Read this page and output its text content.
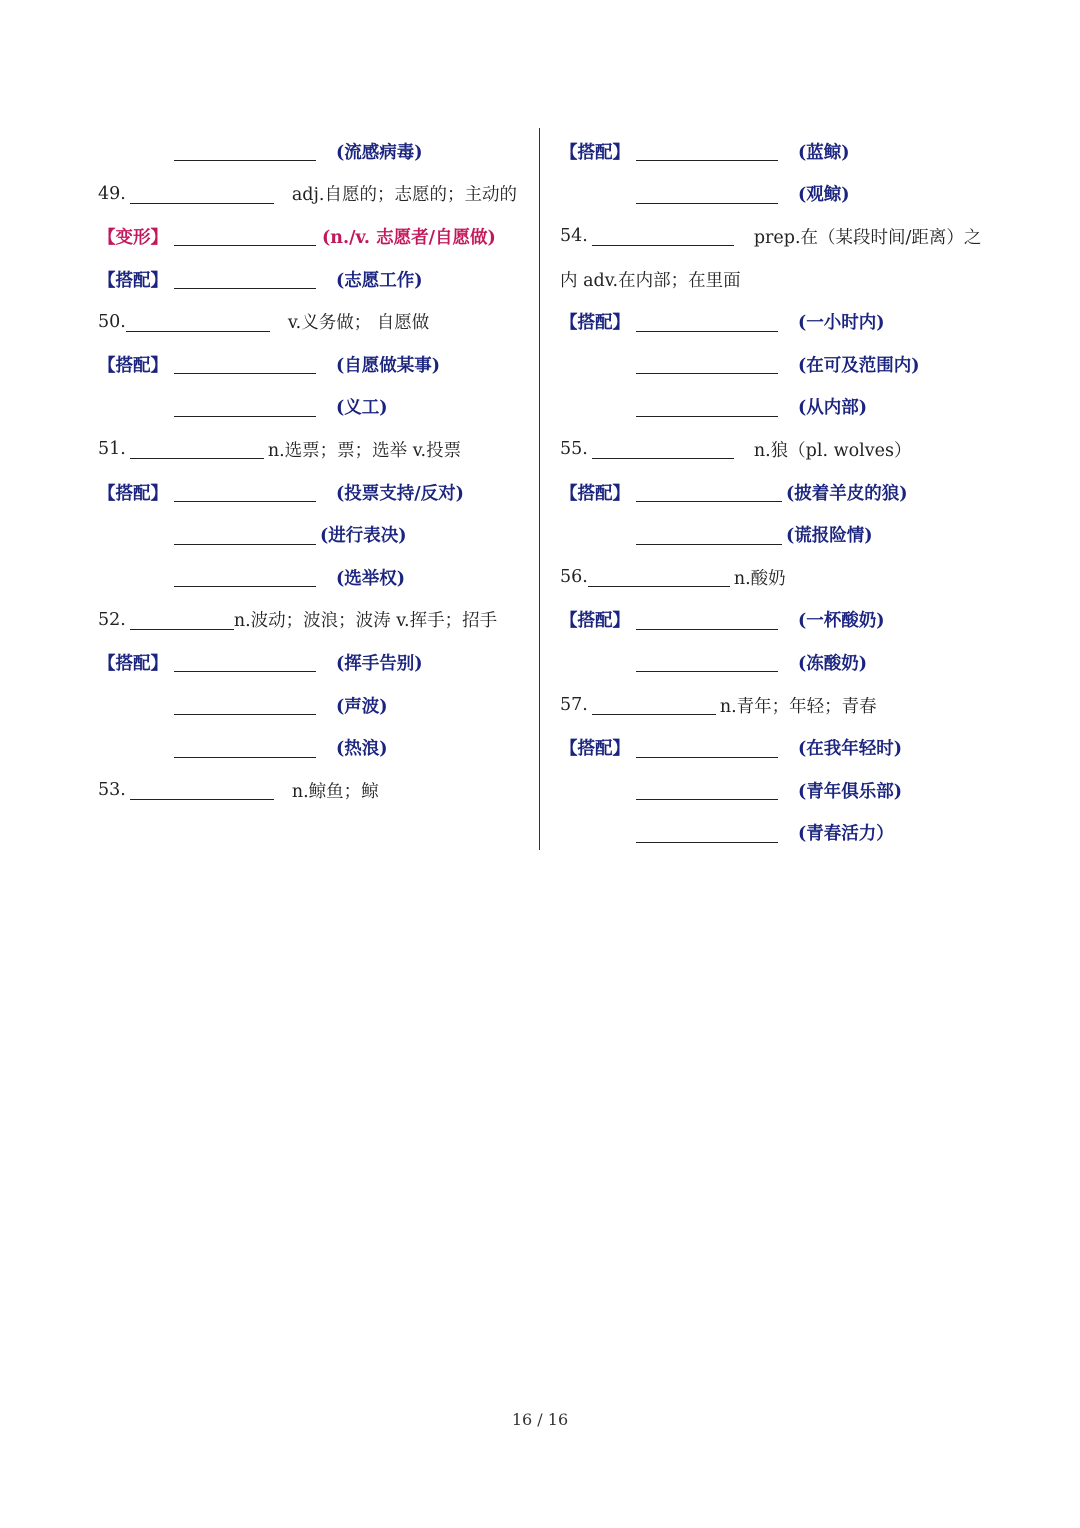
(流感病毒)
49.	adj.自愿的；志愿的；主动的
【变形】	(n./v. 志愿者/自愿做)
【搭配】	(志愿工作)
50.	v.义务做； 自愿做
【搭配】	(自愿做某事)
(义工)
51.	n.选票；票；选举 v.投票
【搭配】	(投票支持/反对)
(进行表决)
(选举权)
52.	n.波动；波浪；波涛 v.挥手；招手
【搭配】	(挥手告别)
(声波)
(热浪)
53.	n.鲸鱼；鲸
【搭配】	(蓝鲸)
(观鲸)
54.	prep.在（某段时间/距离）之
内 adv.在内部；在里面
【搭配】	(一小时内)
(在可及范围内)
(从内部)
55.	n.狼（pl. wolves）
【搭配】	(披着羊皮的狼)
(谎报险情)
56.	n.酸奶
【搭配】	(一杯酸奶)
(冻酸奶)
57.	n.青年；年轻；青春
【搭配】	(在我年轻时)
(青年俱乐部)
(青春活力）
16 / 16
